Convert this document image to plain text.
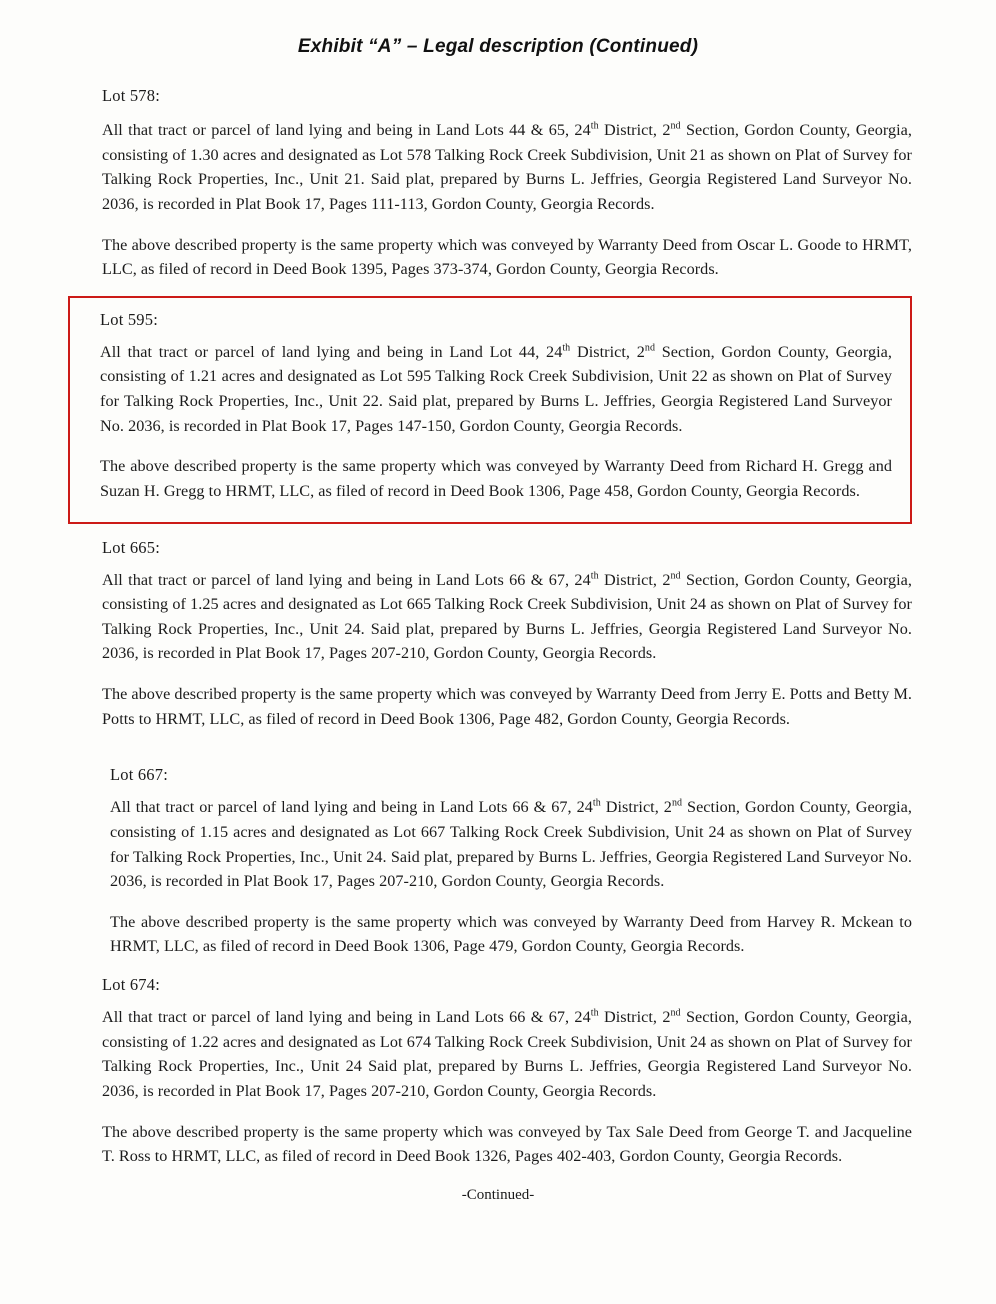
Exhibit “A” – Legal description (Continued)
Lot 578:

All that tract or parcel of land lying and being in Land Lots 44 & 65, 24th District, 2nd Section, Gordon County, Georgia, consisting of 1.30 acres and designated as Lot 578 Talking Rock Creek Subdivision, Unit 21 as shown on Plat of Survey for Talking Rock Properties, Inc., Unit 21. Said plat, prepared by Burns L. Jeffries, Georgia Registered Land Surveyor No. 2036, is recorded in Plat Book 17, Pages 111-113, Gordon County, Georgia Records.

The above described property is the same property which was conveyed by Warranty Deed from Oscar L. Goode to HRMT, LLC, as filed of record in Deed Book 1395, Pages 373-374, Gordon County, Georgia Records.

Lot 595:

All that tract or parcel of land lying and being in Land Lot 44, 24th District, 2nd Section, Gordon County, Georgia, consisting of 1.21 acres and designated as Lot 595 Talking Rock Creek Subdivision, Unit 22 as shown on Plat of Survey for Talking Rock Properties, Inc., Unit 22. Said plat, prepared by Burns L. Jeffries, Georgia Registered Land Surveyor No. 2036, is recorded in Plat Book 17, Pages 147-150, Gordon County, Georgia Records.

The above described property is the same property which was conveyed by Warranty Deed from Richard H. Gregg and Suzan H. Gregg to HRMT, LLC, as filed of record in Deed Book 1306, Page 458, Gordon County, Georgia Records.

Lot 665:

All that tract or parcel of land lying and being in Land Lots 66 & 67, 24th District, 2nd Section, Gordon County, Georgia, consisting of 1.25 acres and designated as Lot 665 Talking Rock Creek Subdivision, Unit 24 as shown on Plat of Survey for Talking Rock Properties, Inc., Unit 24. Said plat, prepared by Burns L. Jeffries, Georgia Registered Land Surveyor No. 2036, is recorded in Plat Book 17, Pages 207-210, Gordon County, Georgia Records.

The above described property is the same property which was conveyed by Warranty Deed from Jerry E. Potts and Betty M. Potts to HRMT, LLC, as filed of record in Deed Book 1306, Page 482, Gordon County, Georgia Records.

Lot 667:

All that tract or parcel of land lying and being in Land Lots 66 & 67, 24th District, 2nd Section, Gordon County, Georgia, consisting of 1.15 acres and designated as Lot 667 Talking Rock Creek Subdivision, Unit 24 as shown on Plat of Survey for Talking Rock Properties, Inc., Unit 24. Said plat, prepared by Burns L. Jeffries, Georgia Registered Land Surveyor No. 2036, is recorded in Plat Book 17, Pages 207-210, Gordon County, Georgia Records.

The above described property is the same property which was conveyed by Warranty Deed from Harvey R. Mckean to HRMT, LLC, as filed of record in Deed Book 1306, Page 479, Gordon County, Georgia Records.

Lot 674:

All that tract or parcel of land lying and being in Land Lots 66 & 67, 24th District, 2nd Section, Gordon County, Georgia, consisting of 1.22 acres and designated as Lot 674 Talking Rock Creek Subdivision, Unit 24 as shown on Plat of Survey for Talking Rock Properties, Inc., Unit 24 Said plat, prepared by Burns L. Jeffries, Georgia Registered Land Surveyor No. 2036, is recorded in Plat Book 17, Pages 207-210, Gordon County, Georgia Records.

The above described property is the same property which was conveyed by Tax Sale Deed from George T. and Jacqueline T. Ross to HRMT, LLC, as filed of record in Deed Book 1326, Pages 402-403, Gordon County, Georgia Records.

-Continued-
